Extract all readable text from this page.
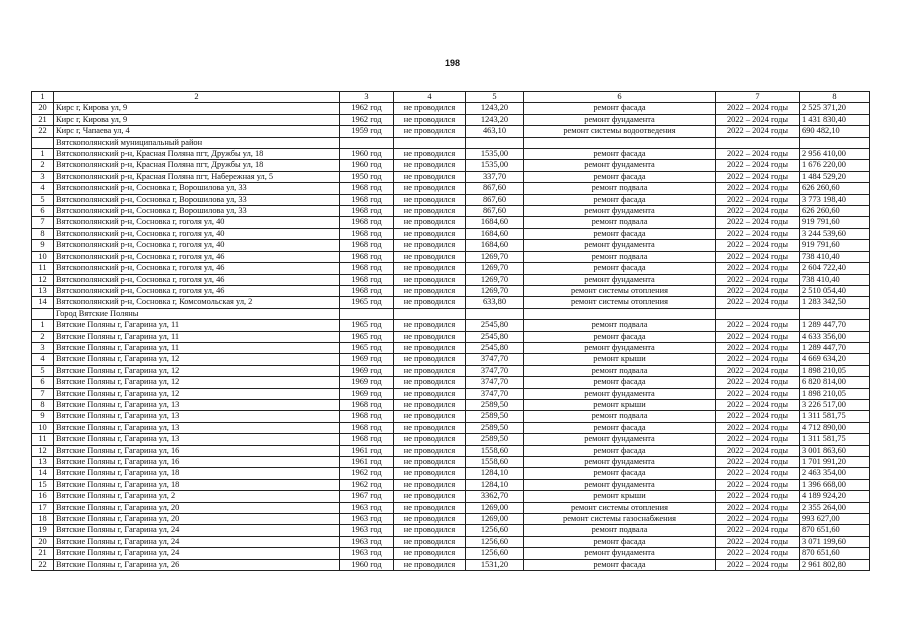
198
1	2	3	4	5	6	7	8
20	Кирс г, Кирова ул, 9	1962 год	не проводился	1243,20	ремонт фасада	2022 – 2024 годы	2 525 371,20
21	Кирс г, Кирова ул, 9	1962 год	не проводился	1243,20	ремонт фундамента	2022 – 2024 годы	1 431 830,40
22	Кирс г, Чапаева ул, 4	1959 год	не проводился	463,10	ремонт системы водоотведения	2022 – 2024 годы	690 482,10
	Вятскополянский муниципальный район						
1	Вятскополянский р-н, Красная Поляна пгт, Дружбы ул, 18	1960 год	не проводился	1535,00	ремонт фасада	2022 – 2024 годы	2 956 410,00
2	Вятскополянский р-н, Красная Поляна пгт, Дружбы ул, 18	1960 год	не проводился	1535,00	ремонт фундамента	2022 – 2024 годы	1 676 220,00
3	Вятскополянский р-н, Красная Поляна пгт, Набережная ул, 5	1950 год	не проводился	337,70	ремонт фасада	2022 – 2024 годы	1 484 529,20
4	Вятскополянский р-н, Сосновка г, Ворошилова ул, 33	1968 год	не проводился	867,60	ремонт подвала	2022 – 2024 годы	626 260,60
5	Вятскополянский р-н, Сосновка г, Ворошилова ул, 33	1968 год	не проводился	867,60	ремонт фасада	2022 – 2024 годы	3 773 198,40
6	Вятскополянский р-н, Сосновка г, Ворошилова ул, 33	1968 год	не проводился	867,60	ремонт фундамента	2022 – 2024 годы	626 260,60
7	Вятскополянский р-н, Сосновка г, гоголя ул, 40	1968 год	не проводился	1684,60	ремонт подвала	2022 – 2024 годы	919 791,60
8	Вятскополянский р-н, Сосновка г, гоголя ул, 40	1968 год	не проводился	1684,60	ремонт фасада	2022 – 2024 годы	3 244 539,60
9	Вятскополянский р-н, Сосновка г, гоголя ул, 40	1968 год	не проводился	1684,60	ремонт фундамента	2022 – 2024 годы	919 791,60
10	Вятскополянский р-н, Сосновка г, гоголя ул, 46	1968 год	не проводился	1269,70	ремонт подвала	2022 – 2024 годы	738 410,40
11	Вятскополянский р-н, Сосновка г, гоголя ул, 46	1968 год	не проводился	1269,70	ремонт фасада	2022 – 2024 годы	2 604 722,40
12	Вятскополянский р-н, Сосновка г, гоголя ул, 46	1968 год	не проводился	1269,70	ремонт фундамента	2022 – 2024 годы	738 410,40
13	Вятскополянский р-н, Сосновка г, гоголя ул, 46	1968 год	не проводился	1269,70	ремонт системы отопления	2022 – 2024 годы	2 510 054,40
14	Вятскополянский р-н, Сосновка г, Комсомольская ул, 2	1965 год	не проводился	633,80	ремонт системы отопления	2022 – 2024 годы	1 283 342,50
	Город Вятские Поляны						
1	Вятские Поляны г, Гагарина ул, 11	1965 год	не проводился	2545,80	ремонт подвала	2022 – 2024 годы	1 289 447,70
2	Вятские Поляны г, Гагарина ул, 11	1965 год	не проводился	2545,80	ремонт фасада	2022 – 2024 годы	4 633 356,00
3	Вятские Поляны г, Гагарина ул, 11	1965 год	не проводился	2545,80	ремонт фундамента	2022 – 2024 годы	1 289 447,70
4	Вятские Поляны г, Гагарина ул, 12	1969 год	не проводился	3747,70	ремонт крыши	2022 – 2024 годы	4 669 634,20
5	Вятские Поляны г, Гагарина ул, 12	1969 год	не проводился	3747,70	ремонт подвала	2022 – 2024 годы	1 898 210,05
6	Вятские Поляны г, Гагарина ул, 12	1969 год	не проводился	3747,70	ремонт фасада	2022 – 2024 годы	6 820 814,00
7	Вятские Поляны г, Гагарина ул, 12	1969 год	не проводился	3747,70	ремонт фундамента	2022 – 2024 годы	1 898 210,05
8	Вятские Поляны г, Гагарина ул, 13	1968 год	не проводился	2589,50	ремонт крыши	2022 – 2024 годы	3 226 517,00
9	Вятские Поляны г, Гагарина ул, 13	1968 год	не проводился	2589,50	ремонт подвала	2022 – 2024 годы	1 311 581,75
10	Вятские Поляны г, Гагарина ул, 13	1968 год	не проводился	2589,50	ремонт фасада	2022 – 2024 годы	4 712 890,00
11	Вятские Поляны г, Гагарина ул, 13	1968 год	не проводился	2589,50	ремонт фундамента	2022 – 2024 годы	1 311 581,75
12	Вятские Поляны г, Гагарина ул, 16	1961 год	не проводился	1558,60	ремонт фасада	2022 – 2024 годы	3 001 863,60
13	Вятские Поляны г, Гагарина ул, 16	1961 год	не проводился	1558,60	ремонт фундамента	2022 – 2024 годы	1 701 991,20
14	Вятские Поляны г, Гагарина ул, 18	1962 год	не проводился	1284,10	ремонт фасада	2022 – 2024 годы	2 463 354,00
15	Вятские Поляны г, Гагарина ул, 18	1962 год	не проводился	1284,10	ремонт фундамента	2022 – 2024 годы	1 396 668,00
16	Вятские Поляны г, Гагарина ул, 2	1967 год	не проводился	3362,70	ремонт крыши	2022 – 2024 годы	4 189 924,20
17	Вятские Поляны г, Гагарина ул, 20	1963 год	не проводился	1269,00	ремонт системы отопления	2022 – 2024 годы	2 355 264,00
18	Вятские Поляны г, Гагарина ул, 20	1963 год	не проводился	1269,00	ремонт системы газоснабжения	2022 – 2024 годы	993 627,00
19	Вятские Поляны г, Гагарина ул, 24	1963 год	не проводился	1256,60	ремонт подвала	2022 – 2024 годы	870 651,60
20	Вятские Поляны г, Гагарина ул, 24	1963 год	не проводился	1256,60	ремонт фасада	2022 – 2024 годы	3 071 199,60
21	Вятские Поляны г, Гагарина ул, 24	1963 год	не проводился	1256,60	ремонт фундамента	2022 – 2024 годы	870 651,60
22	Вятские Поляны г, Гагарина ул, 26	1960 год	не проводился	1531,20	ремонт фасада	2022 – 2024 годы	2 961 802,80
